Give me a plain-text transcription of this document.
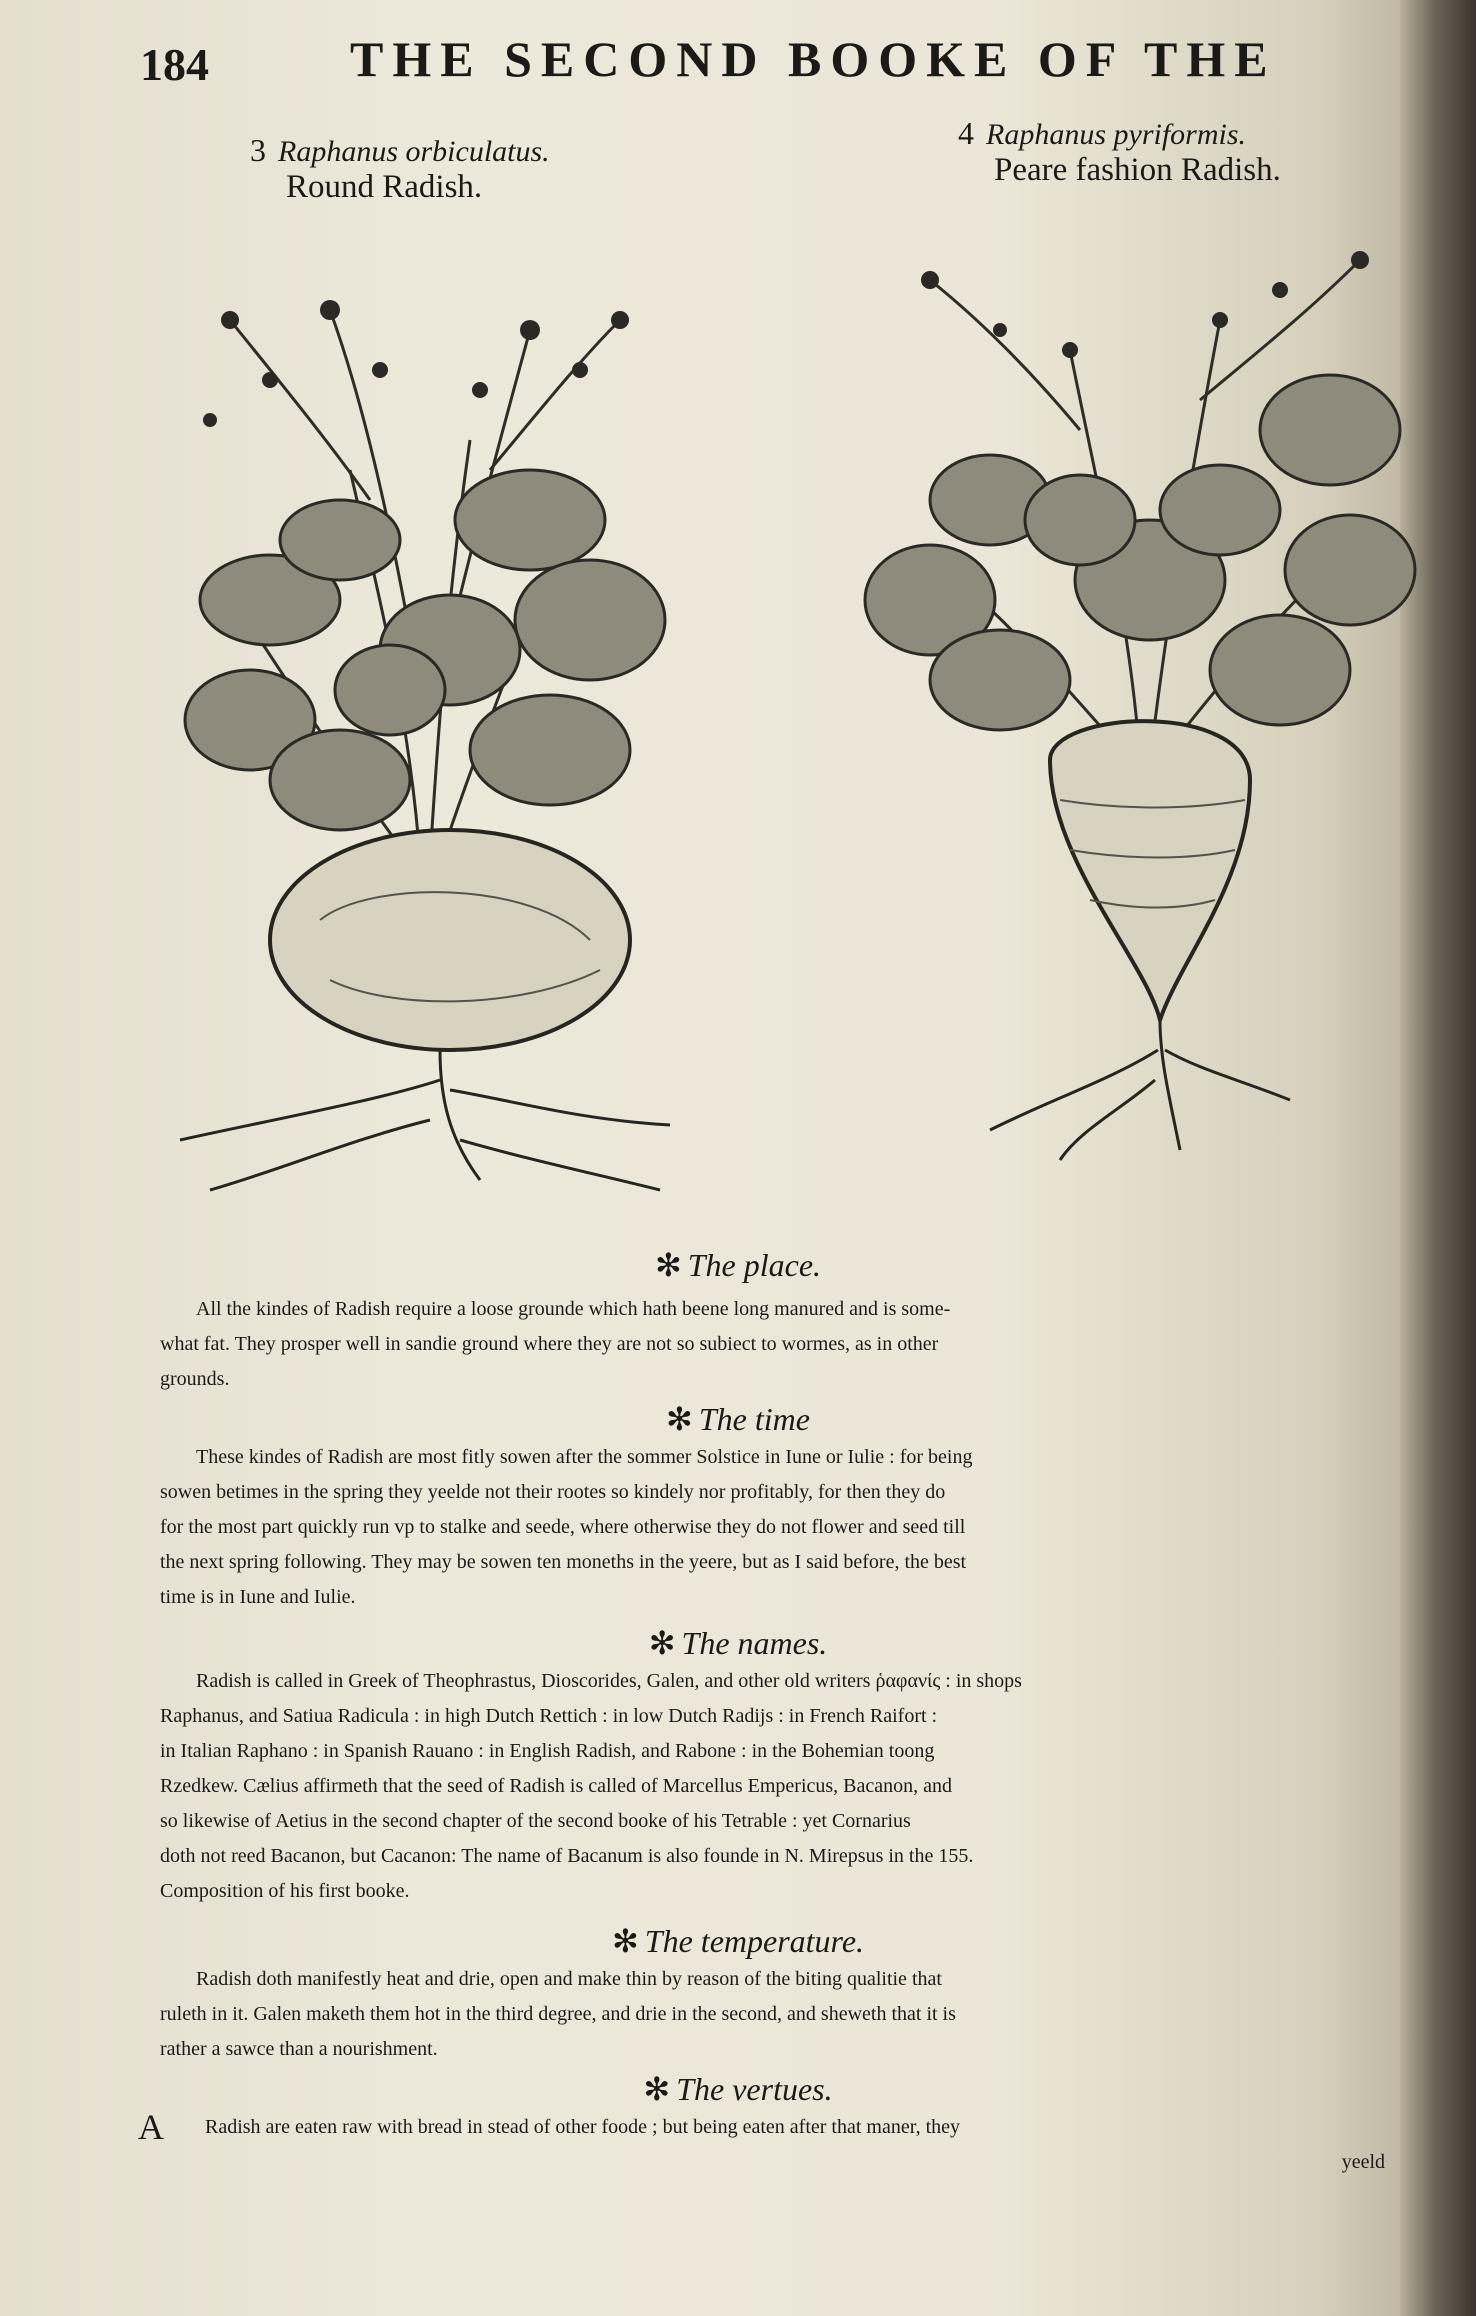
184	THE SECOND BOOKE OF THE
3 Raphanus orbiculatus.
Round Radish.
4 Raphanus pyriformis.
Peare fashion Radish.
✻ The place.

All the kindes of Radish require a loose grounde which hath beene long manured and is some-

what fat. They prosper well in sandie ground where they are not so subiect to wormes, as in other

grounds.

✻ The time

These kindes of Radish are most fitly sowen after the sommer Solstice in Iune or Iulie : for being

sowen betimes in the spring they yeelde not their rootes so kindely nor profitably, for then they do

for the most part quickly run vp to stalke and seede, where otherwise they do not flower and seed till

the next spring following. They may be sowen ten moneths in the yeere, but as I said before, the best

time is in Iune and Iulie.

✻ The names.

Radish is called in Greek of Theophrastus, Dioscorides, Galen, and other old writers ῥαφανίς : in shops

Raphanus, and Satiua Radicula : in high Dutch Rettich : in low Dutch Radijs : in French Raifort :

in Italian Raphano : in Spanish Rauano : in English Radish, and Rabone : in the Bohemian toong

Rzedkew. Cælius affirmeth that the seed of Radish is called of Marcellus Empericus, Bacanon, and

so likewise of Aetius in the second chapter of the second booke of his Tetrable : yet Cornarius

doth not reed Bacanon, but Cacanon: The name of Bacanum is also founde in N. Mirepsus in the 155.

Composition of his first booke.

✻ The temperature.

Radish doth manifestly heat and drie, open and make thin by reason of the biting qualitie that

ruleth in it. Galen maketh them hot in the third degree, and drie in the second, and sheweth that it is

rather a sawce than a nourishment.

✻ The vertues.
A Radish are eaten raw with bread in stead of other foode ; but being eaten after that maner, they

yeeld
